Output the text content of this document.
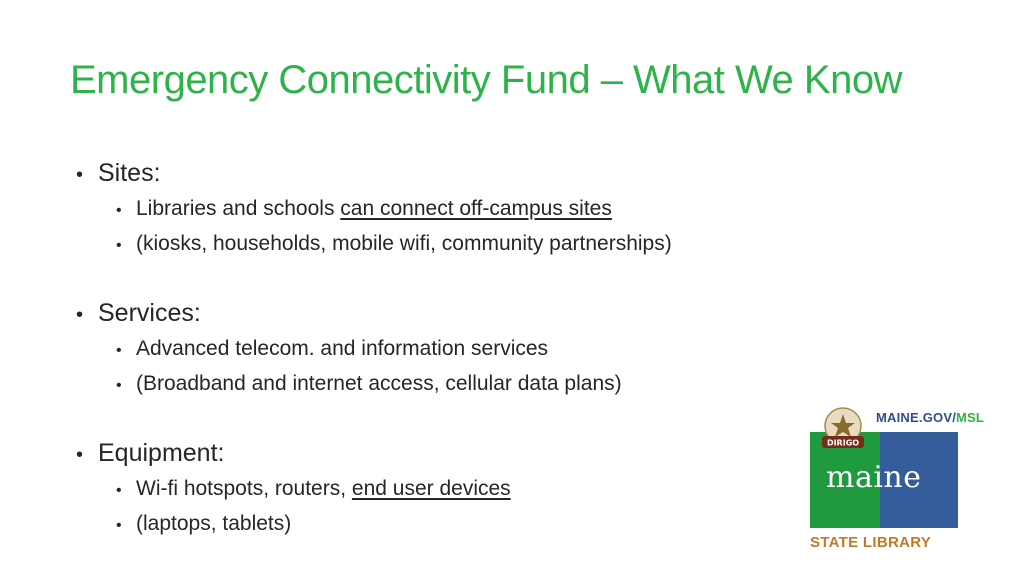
Emergency Connectivity Fund – What We Know
• Sites:
• Libraries and schools can connect off-campus sites
• (kiosks, households, mobile wifi, community partnerships)
• Services:
• Advanced telecom. and information services
• (Broadband and internet access, cellular data plans)
• Equipment:
• Wi-fi hotspots, routers, end user devices
• (laptops, tablets)
MAINE.GOV/MSL
DIRIGO
maine
STATE LIBRARY
